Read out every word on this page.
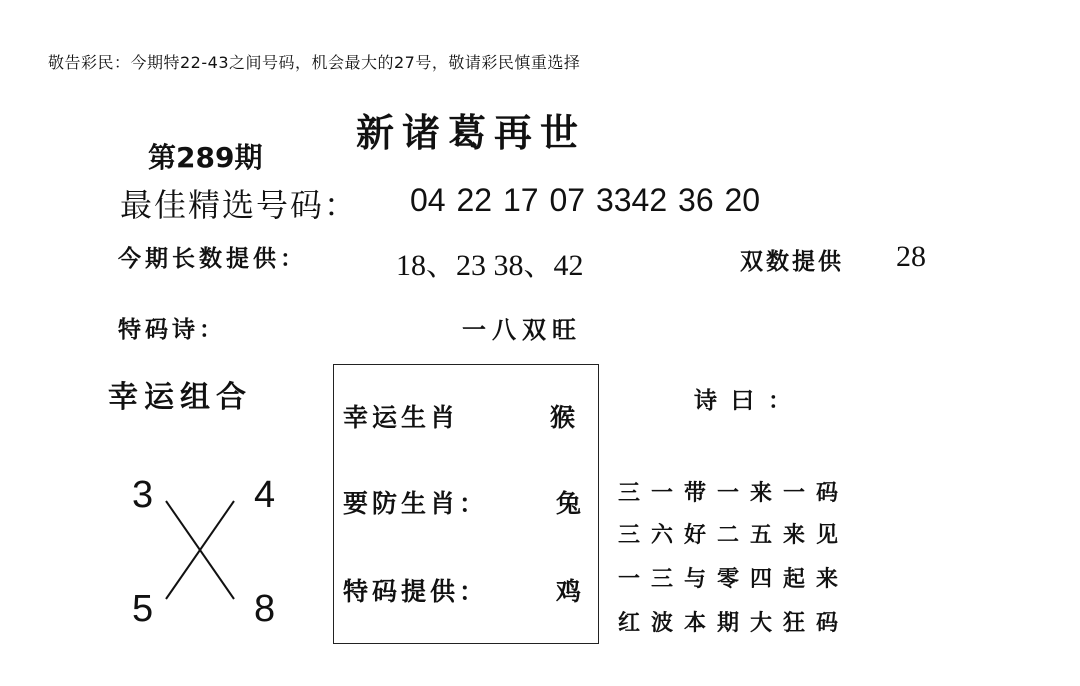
敬告彩民：今期特22-43之间号码，机会最大的27号，敬请彩民慎重选择
新诸葛再世
第289期
最佳精选号码： 04 22 17 07 3342 36 20
今期长数提供：	18、23 38、42	双数提供 28
特码诗：	一八双旺
幸运组合
3	4
5	8
幸运生肖	猴
要防生肖：	兔
特码提供：	鸡
诗曰：
三一带一来一码
三六好二五来见
一三与零四起来
红波本期大狂码
